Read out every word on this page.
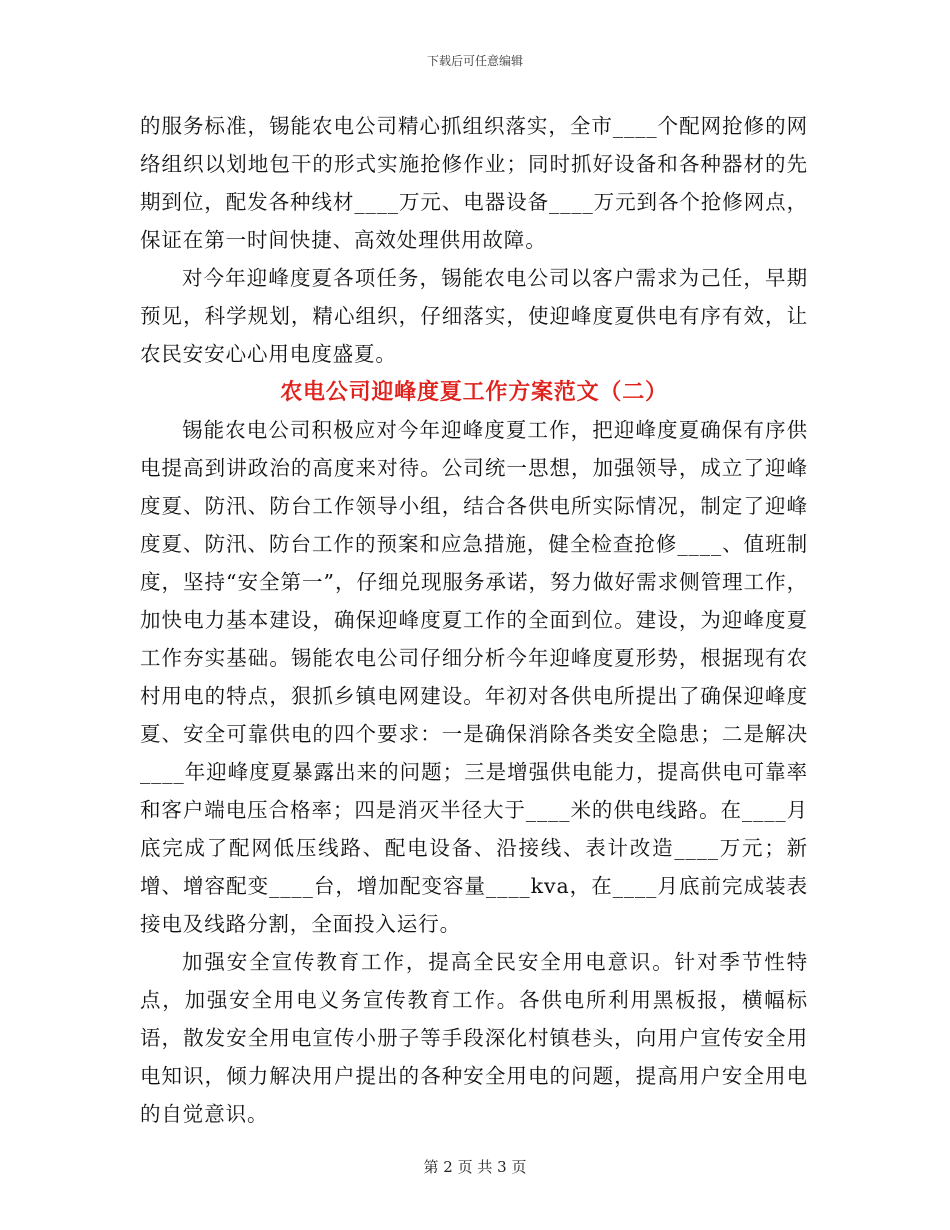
下载后可任意编辑

的服务标准，锡能农电公司精心抓组织落实，全市____个配网抢修的网络组织以划地包干的形式实施抢修作业；同时抓好设备和各种器材的先期到位，配发各种线材____万元、电器设备____万元到各个抢修网点，保证在第一时间快捷、高效处理供用故障。

对今年迎峰度夏各项任务，锡能农电公司以客户需求为己任，早期预见，科学规划，精心组织，仔细落实，使迎峰度夏供电有序有效，让农民安安心心用电度盛夏。

农电公司迎峰度夏工作方案范文（二）

锡能农电公司积极应对今年迎峰度夏工作，把迎峰度夏确保有序供电提高到讲政治的高度来对待。公司统一思想，加强领导，成立了迎峰度夏、防汛、防台工作领导小组，结合各供电所实际情况，制定了迎峰度夏、防汛、防台工作的预案和应急措施，健全检查抢修____、值班制度，坚持“安全第一”，仔细兑现服务承诺，努力做好需求侧管理工作，加快电力基本建设，确保迎峰度夏工作的全面到位。建设，为迎峰度夏工作夯实基础。锡能农电公司仔细分析今年迎峰度夏形势，根据现有农村用电的特点，狠抓乡镇电网建设。年初对各供电所提出了确保迎峰度夏、安全可靠供电的四个要求：一是确保消除各类安全隐患；二是解决____年迎峰度夏暴露出来的问题；三是增强供电能力，提高供电可靠率和客户端电压合格率；四是消灭半径大于____米的供电线路。在____月底完成了配网低压线路、配电设备、沿接线、表计改造____万元；新增、增容配变____台，增加配变容量____kva，在____月底前完成装表接电及线路分割，全面投入运行。

加强安全宣传教育工作，提高全民安全用电意识。针对季节性特点，加强安全用电义务宣传教育工作。各供电所利用黑板报，横幅标语，散发安全用电宣传小册子等手段深化村镇巷头，向用户宣传安全用电知识，倾力解决用户提出的各种安全用电的问题，提高用户安全用电的自觉意识。

第 2 页 共 3 页
